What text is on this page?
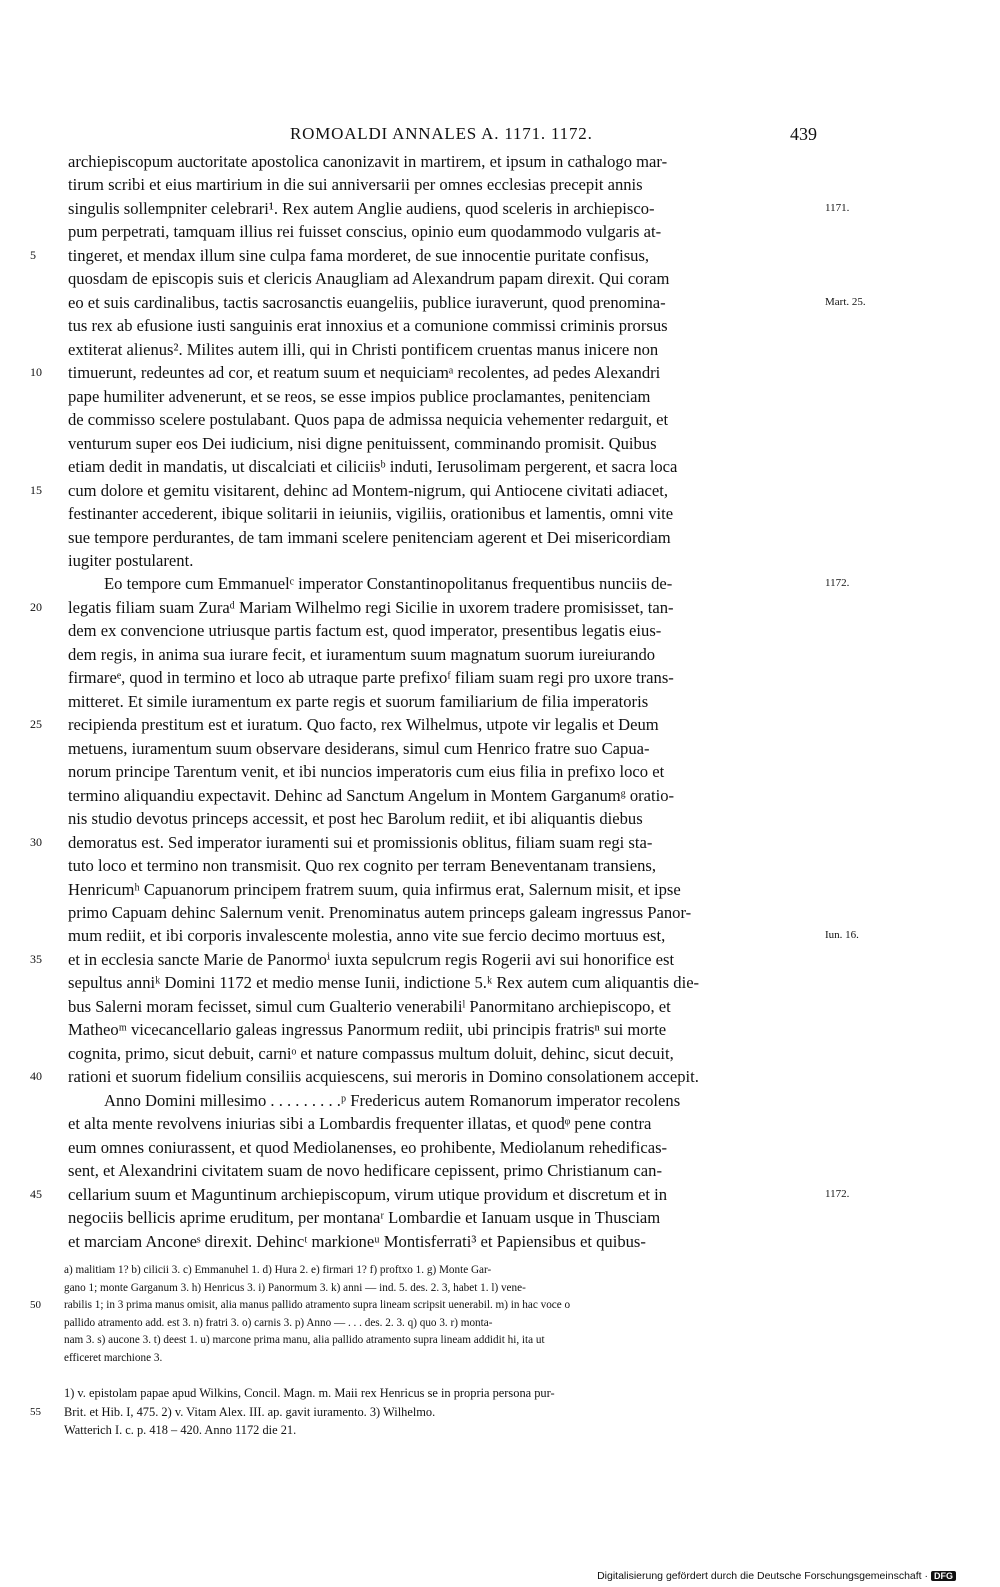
ROMOALDI ANNALES A. 1171. 1172.	439
archiepiscopum auctoritate apostolica canonizavit in martirem, et ipsum in cathalogo mar-
tirum scribi et eius martirium in die sui anniversarii per omnes ecclesias precepit annis
singulis sollempniter celebrari¹. Rex autem Anglie audiens, quod sceleris in archiepisco-	1171.
pum perpetrati, tamquam illius rei fuisset conscius, opinio eum quodammodo vulgaris at-
5 tingeret, et mendax illum sine culpa fama morderet, de sue innocentie puritate confisus,
quosdam de episcopis suis et clericis Anaugliam ad Alexandrum papam direxit. Qui coram
eo et suis cardinalibus, tactis sacrosanctis euangeliis, publice iuraverunt, quod prenomina-	Mart. 25.
tus rex ab efusione iusti sanguinis erat innoxius et a comunione commissi criminis prorsus
extiterat alienus². Milites autem illi, qui in Christi pontificem cruentas manus inicere non
10 timuerunt, redeuntes ad cor, et reatum suum et nequiciamᵃ recolentes, ad pedes Alexandri
pape humiliter advenerunt, et se reos, se esse impios publice proclamantes, penitenciam
de commisso scelere postulabant. Quos papa de admissa nequicia vehementer redarguit, et
venturum super eos Dei iudicium, nisi digne penituissent, comminando promisit. Quibus
etiam dedit in mandatis, ut discalciati et ciliciisᵇ induti, Ierusolimam pergerent, et sacra loca
15 cum dolore et gemitu visitarent, dehinc ad Montem-nigrum, qui Antiocene civitati adiacet,
festinanter accederent, ibique solitarii in ieiuniis, vigiliis, orationibus et lamentis, omni vite
sue tempore perdurantes, de tam immani scelere penitenciam agerent et Dei misericordiam
iugiter postularent.
Eo tempore cum Emmanuelᶜ imperator Constantinopolitanus frequentibus nunciis de-	1172.
20 legatis filiam suam Zuraᵈ Mariam Wilhelmo regi Sicilie in uxorem tradere promisisset, tan-
dem ex convencione utriusque partis factum est, quod imperator, presentibus legatis eius-
dem regis, in anima sua iurare fecit, et iuramentum suum magnatum suorum iureiurando
firmareᵉ, quod in termino et loco ab utraque parte prefixoᶠ filiam suam regi pro uxore trans-
mitteret. Et simile iuramentum ex parte regis et suorum familiarium de filia imperatoris
25 recipienda prestitum est et iuratum. Quo facto, rex Wilhelmus, utpote vir legalis et Deum
metuens, iuramentum suum observare desiderans, simul cum Henrico fratre suo Capua-
norum principe Tarentum venit, et ibi nuncios imperatoris cum eius filia in prefixo loco et
termino aliquandiu expectavit. Dehinc ad Sanctum Angelum in Montem Garganumᵍ oratio-
nis studio devotus princeps accessit, et post hec Barolum rediit, et ibi aliquantis diebus
30 demoratus est. Sed imperator iuramenti sui et promissionis oblitus, filiam suam regi sta-
tuto loco et termino non transmisit. Quo rex cognito per terram Beneventanam transiens,
Henricumʰ Capuanorum principem fratrem suum, quia infirmus erat, Salernum misit, et ipse
primo Capuam dehinc Salernum venit. Prenominatus autem princeps galeam ingressus Panor-
mum rediit, et ibi corporis invalescente molestia, anno vite sue fercio decimo mortuus est,	Iun. 16.
35 et in ecclesia sancte Marie de Panormoⁱ iuxta sepulcrum regis Rogerii avi sui honorifice est
sepultus anniᵏ Domini 1172 et medio mense Iunii, indictione 5.ᵏ Rex autem cum aliquantis die-
bus Salerni moram fecisset, simul cum Gualterio venerabiliˡ Panormitano archiepiscopo, et
Matheoᵐ vicecancellario galeas ingressus Panormum rediit, ubi principis fratrisⁿ sui morte
cognita, primo, sicut debuit, carniᵒ et nature compassus multum doluit, dehinc, sicut decuit,
40 rationi et suorum fidelium consiliis acquiescens, sui meroris in Domino consolationem accepit.
Anno Domini millesimo . . . . . . . . .ᵖ Fredericus autem Romanorum imperator recolens
et alta mente revolvens iniurias sibi a Lombardis frequenter illatas, et quodᵠ pene contra
eum omnes coniurassent, et quod Mediolanenses, eo prohibente, Mediolanum rehedificas-
sent, et Alexandrini civitatem suam de novo hedificare cepissent, primo Christianum can-
45 cellarium suum et Maguntinum archiepiscopum, virum utique providum et discretum et in	1172.
negociis bellicis aprime eruditum, per montanaʳ Lombardie et Ianuam usque in Thusciam
et marciam Anconeˢ direxit. Dehincᵗ markioneᵘ Montisferrati³ et Papiensibus et quibus-
a) malitiam 1? b) cilicii 3. c) Emmanuhel 1. d) Hura 2. e) firmari 1? f) proftxo 1. g) Monte Gar-
gano 1; monte Garganum 3. h) Henricus 3. i) Panormum 3. k) anni — ind. 5. des. 2. 3, habet 1. l) vene-
50 rabilis 1; in 3 prima manus omisit, alia manus pallido atramento supra lineam scripsit uenerabil. m) in hac voce o
pallido atramento add. est 3. n) fratri 3. o) carnis 3. p) Anno — . . . des. 2. 3. q) quo 3. r) monta-
nam 3. s) aucone 3. t) deest 1. u) marcone prima manu, alia pallido atramento supra lineam addidit hi, ita ut
efficeret marchione 3.
1) v. epistolam papae apud Wilkins, Concil. Magn. m. Maii rex Henricus se in propria persona pur-
55 Brit. et Hib. I, 475. 2) v. Vitam Alex. III. ap. gavit iuramento. 3) Wilhelmo.
Watterich I. c. p. 418 – 420. Anno 1172 die 21.
Digitalisierung gefördert durch die Deutsche Forschungsgemeinschaft · DFG
